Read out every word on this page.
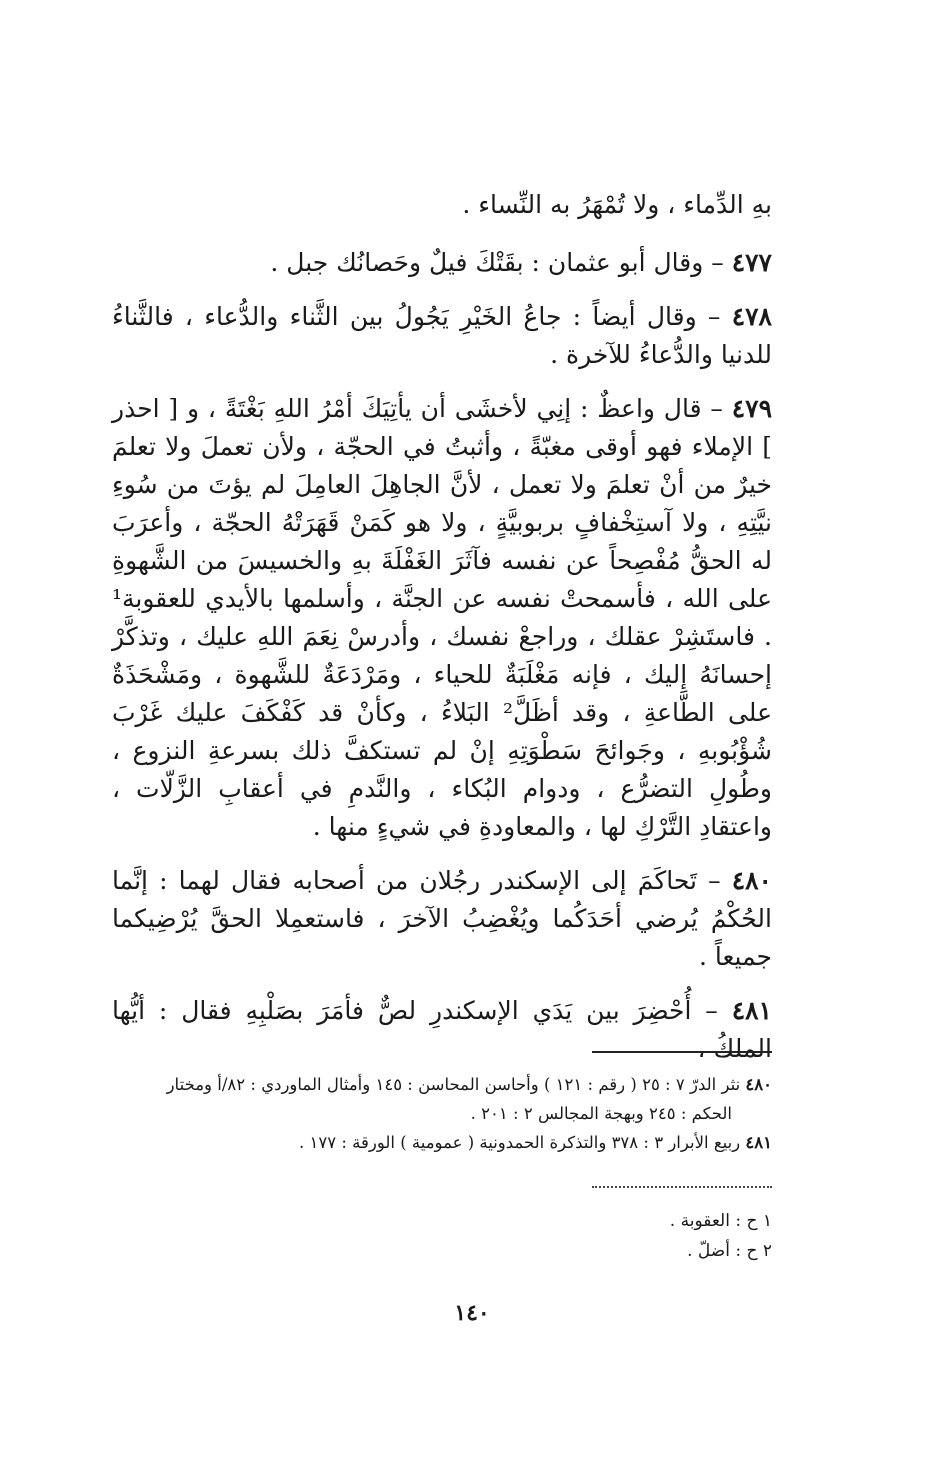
بهِ الدِّماء ، ولا تُمْهَرُ به النِّساء .

٤٧٧ – وقال أبو عثمان : بقَتْكَ فيلٌ وحَصانُك جبل .

٤٧٨ – وقال أيضاً : جاعُ الخَيْرِ يَجُولُ بين الثَّناء والدُّعاء ، فالثَّناءُ للدنيا والدُّعاءُ للآخرة .

٤٧٩ – قال واعظٌ : إنِي لأخشَى أن يأتِيَكَ أمْرُ اللهِ بَغْتَةً ، و [ احذر ] الإملاء فهو أوقى مغبّةً ، وأثبتُ في الحجّة ، ولأن تعملَ ولا تعلمَ خيرٌ من أنْ تعلمَ ولا تعمل ، لأنَّ الجاهِلَ العامِلَ لم يؤتَ من سُوءِ نيَّتِهِ ، ولا آستِخْفافٍ بربوبيَّةٍ ، ولا هو كَمَنْ قَهَرَتْهُ الحجّة ، وأعرَبَ له الحقُّ مُفْصِحاً عن نفسه فآثَرَ الغَفْلَةَ بهِ والخسيسَ من الشَّهوةِ على الله ، فأسمحتْ نفسه عن الجنَّة ، وأسلمها بالأيدي للعقوبة¹ . فاستَشِرْ عقلك ، وراجعْ نفسك ، وأدرسْ نِعَمَ اللهِ عليك ، وتذكَّرْ إحسانَهُ إليك ، فإنه مَغْلَبَةٌ للحياء ، ومَرْدَعَةٌ للشَّهوة ، ومَشْحَذَةٌ على الطَّاعةِ ، وقد أظَلَّ² البَلاءُ ، وكأنْ قد كَفْكَفَ عليك غَرْبَ شُؤْبُوبهِ ، وجَوائحَ سَطْوَتِهِ إنْ لم تستكفَّ ذلك بسرعةِ النزوع ، وطُولِ التضرُّع ، ودوام البُكاء ، والنَّدمِ في أعقابِ الزَّلّات ، واعتقادِ التَّرْكِ لها ، والمعاودةِ في شيءٍ منها .

٤٨٠ – تَحاكَمَ إلى الإسكندر رجُلان من أصحابه فقال لهما : إنَّما الحُكْمُ يُرضي أحَدَكُما ويُغْضِبُ الآخرَ ، فاستعمِلا الحقَّ يُرْضِيكما جميعاً .

٤٨١ – أُحْضِرَ بين يَدَي الإسكندرِ لصٌّ فأمَرَ بصَلْبِهِ فقال : أيُّها الملكُ ،

٤٨٠ نثر الدرّ ٧ : ٢٥ ( رقم : ١٢١ ) وأحاسن المحاسن : ١٤٥ وأمثال الماوردي : ٨٢/أ ومختار

الحكم : ٢٤٥ وبهجة المجالس ٢ : ٢٠١ .

٤٨١ ربيع الأبرار ٣ : ٣٧٨ والتذكرة الحمدونية ( عمومية ) الورقة : ١٧٧ .

١ ح : العقوبة .

٢ ح : أضلّ .

١٤٠
